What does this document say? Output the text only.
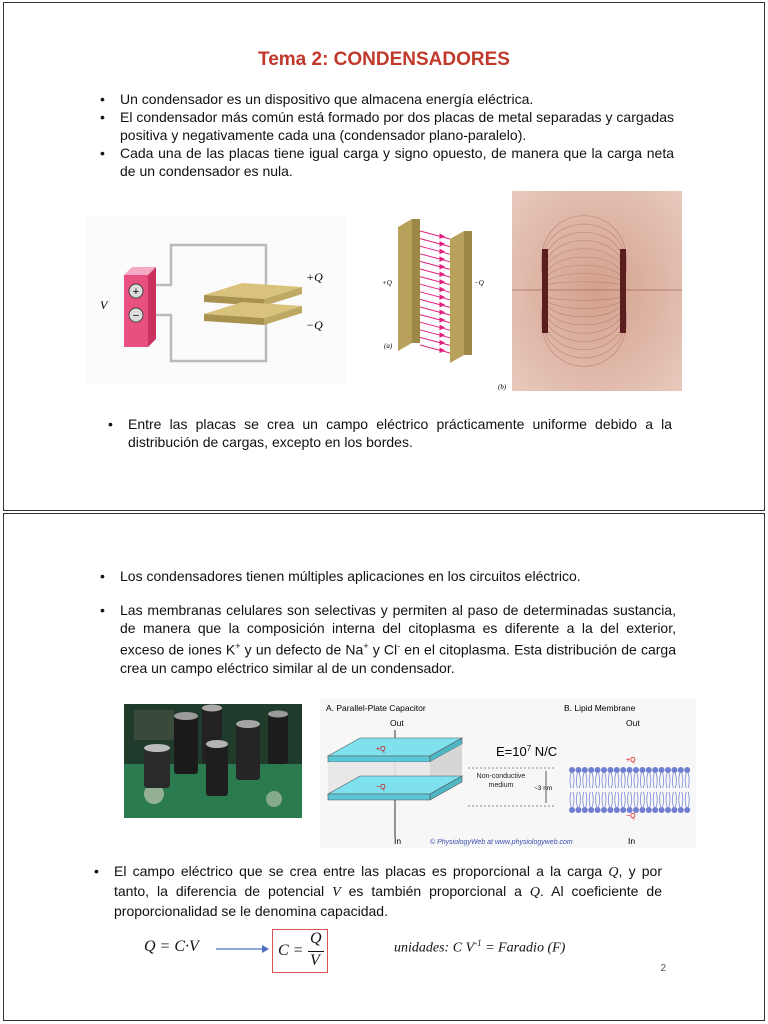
Tema 2: CONDENSADORES
• Un condensador es un dispositivo que almacena energía eléctrica.
• El condensador más común está formado por dos placas de metal separadas y cargadas positiva y negativamente cada una (condensador plano-paralelo).
• Cada una de las placas tiene igual carga y signo opuesto, de manera que la carga neta de un condensador es nula.
+
−
V
+Q
−Q
+Q	−Q
(a)
(b)
• Entre las placas se crea un campo eléctrico prácticamente uniforme debido a la distribución de cargas, excepto en los bordes.
• Los condensadores tienen múltiples aplicaciones en los circuitos eléctrico.
• Las membranas celulares son selectivas y permiten al paso de determinadas sustancia, de manera que la composición interna del citoplasma es diferente a la del exterior, exceso de iones K+ y un defecto de Na+ y Cl- en el citoplasma. Esta distribución de carga crea un campo eléctrico similar al de un condensador.
A. Parallel-Plate Capacitor	B. Lipid Membrane
Out	Out
+Q
−Q
In
$E=10^7$ N/C
Non-conductive medium	~3 nm
+Q
−Q
In
© PhysiologyWeb at www.physiologyweb.com
• El campo eléctrico que se crea entre las placas es proporcional a la carga Q, y por tanto, la diferencia de potencial V es también proporcional a Q. Al coeficiente de proporcionalidad se le denomina capacidad.
Q = C·V	C =
Q
V
unidades: C $V^{-1}$ = Faradio (F)
2
